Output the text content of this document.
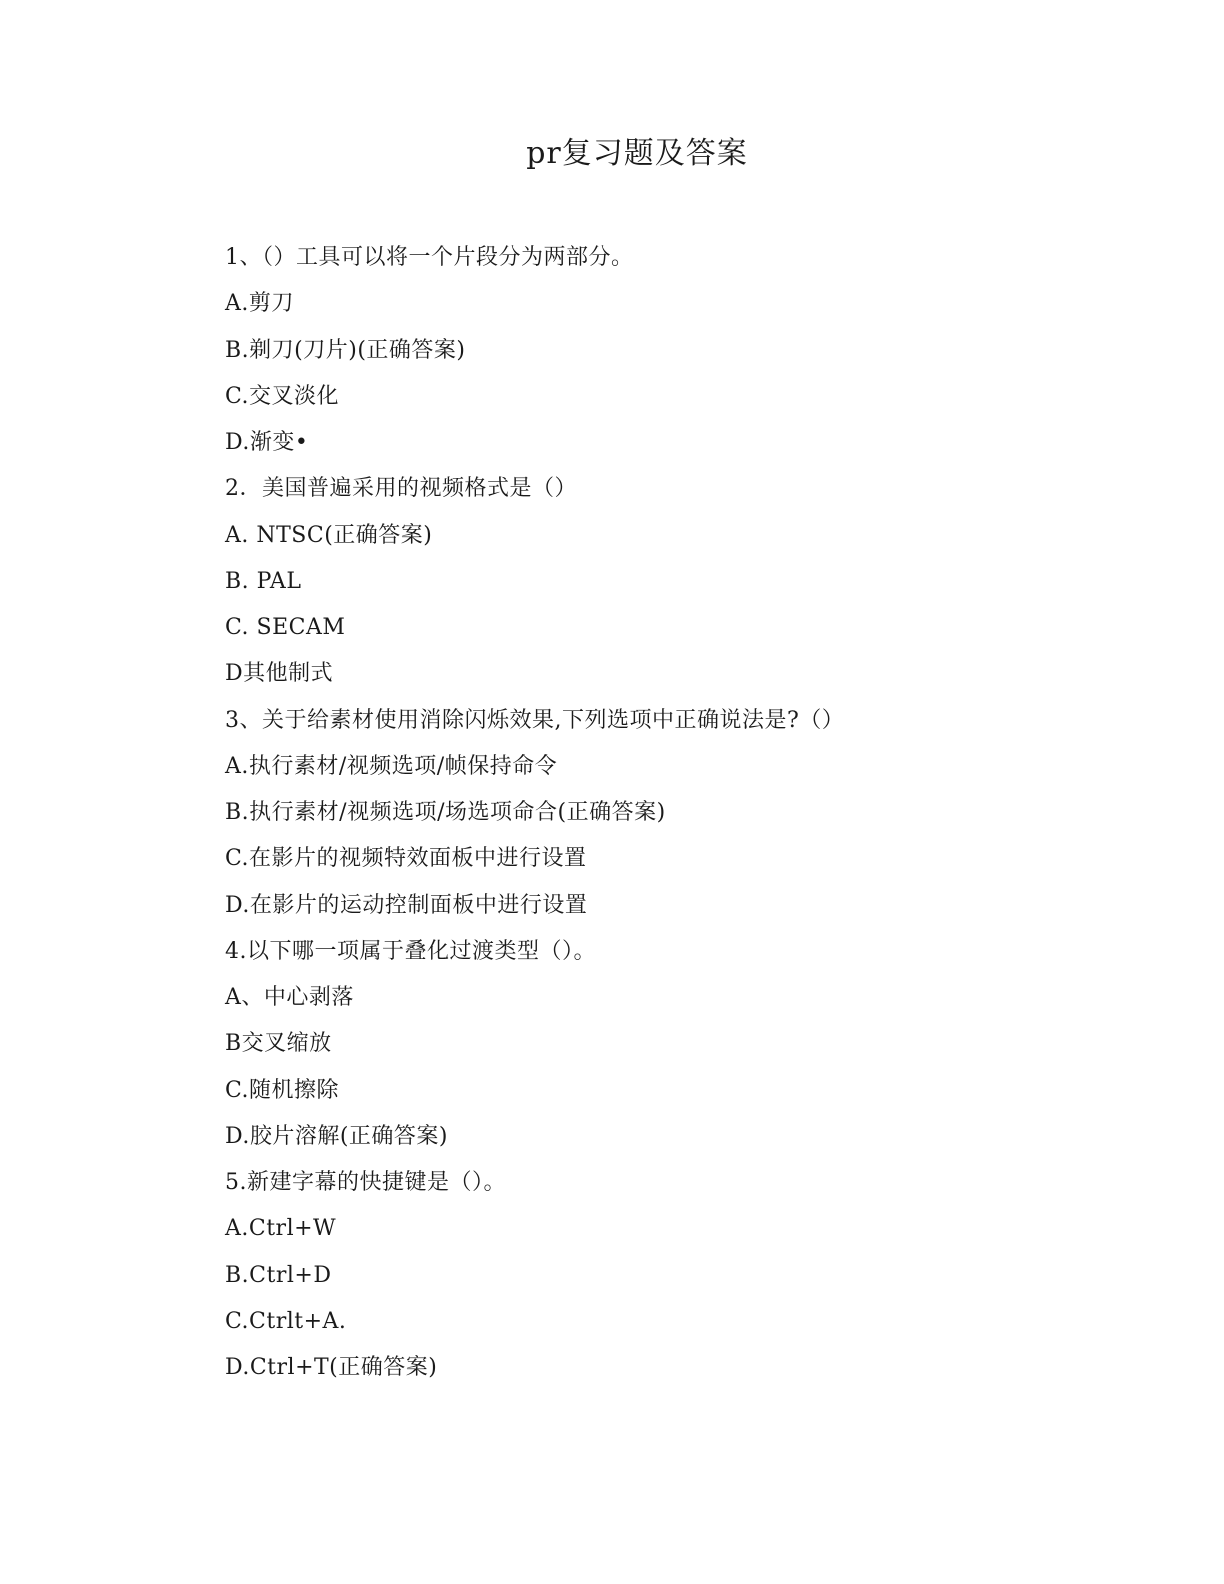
pr复习题及答案
1、（）工具可以将一个片段分为两部分。
A.剪刀
B.剃刀(刀片)(正确答案)
C.交叉淡化
D.渐变•
2．美国普遍采用的视频格式是（）
A. NTSC(正确答案)
B. PAL
C. SECAM
D其他制式
3、关于给素材使用消除闪烁效果,下列选项中正确说法是?（）
A.执行素材/视频选项/帧保持命令
B.执行素材/视频选项/场选项命合(正确答案)
C.在影片的视频特效面板中进行设置
D.在影片的运动控制面板中进行设置
4.以下哪一项属于叠化过渡类型（）。
A、中心剥落
B交叉缩放
C.随机擦除
D.胶片溶解(正确答案)
5.新建字幕的快捷键是（）。
A.Ctrl+W
B.Ctrl+D
C.Ctrlt+A.
D.Ctrl+T(正确答案)
